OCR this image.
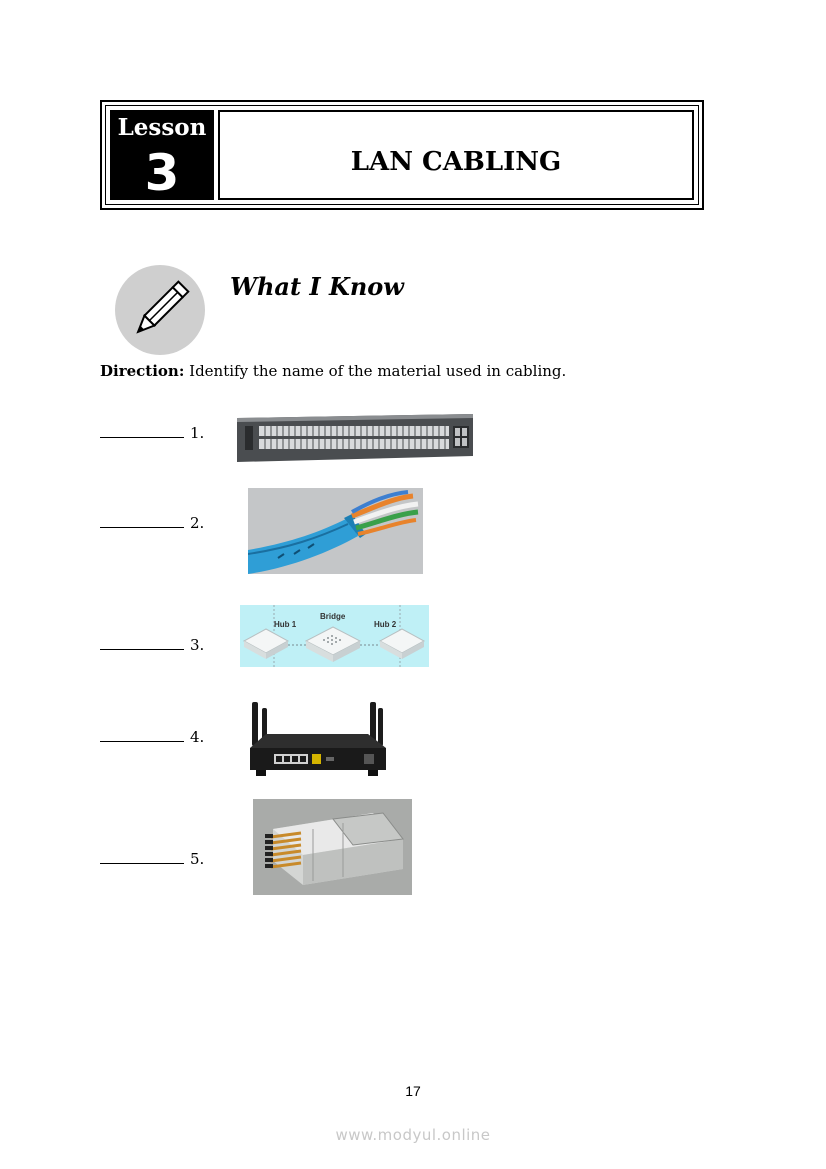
Lesson
3	LAN CABLING
What I Know
Direction: Identify the name of the material used in cabling.
1.
2.
3.
Hub 1
Bridge
Hub 2
4.
5.
17
www.modyul.online
